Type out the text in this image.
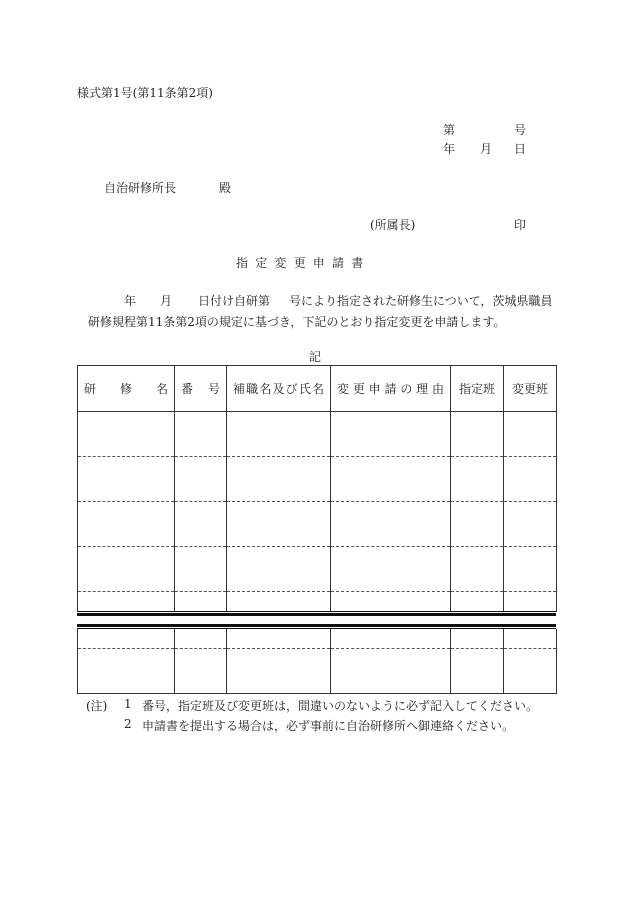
様式第1号(第11条第2項)
第	号
年 月 日
自治研修所長	殿
(所属長)	印
指定変更申請書
年 月 日付け自研第 号により指定された研修生について，茨城県職員
研修規程第11条第2項の規定に基づき，下記のとおり指定変更を申請します。
記
研　修　名	番　号	補職名及び氏名	変更申請の理由	指定班	変更班

(注) 1 番号，指定班及び変更班は，間違いのないように必ず記入してください。
2 申請書を提出する場合は，必ず事前に自治研修所へ御連絡ください。
